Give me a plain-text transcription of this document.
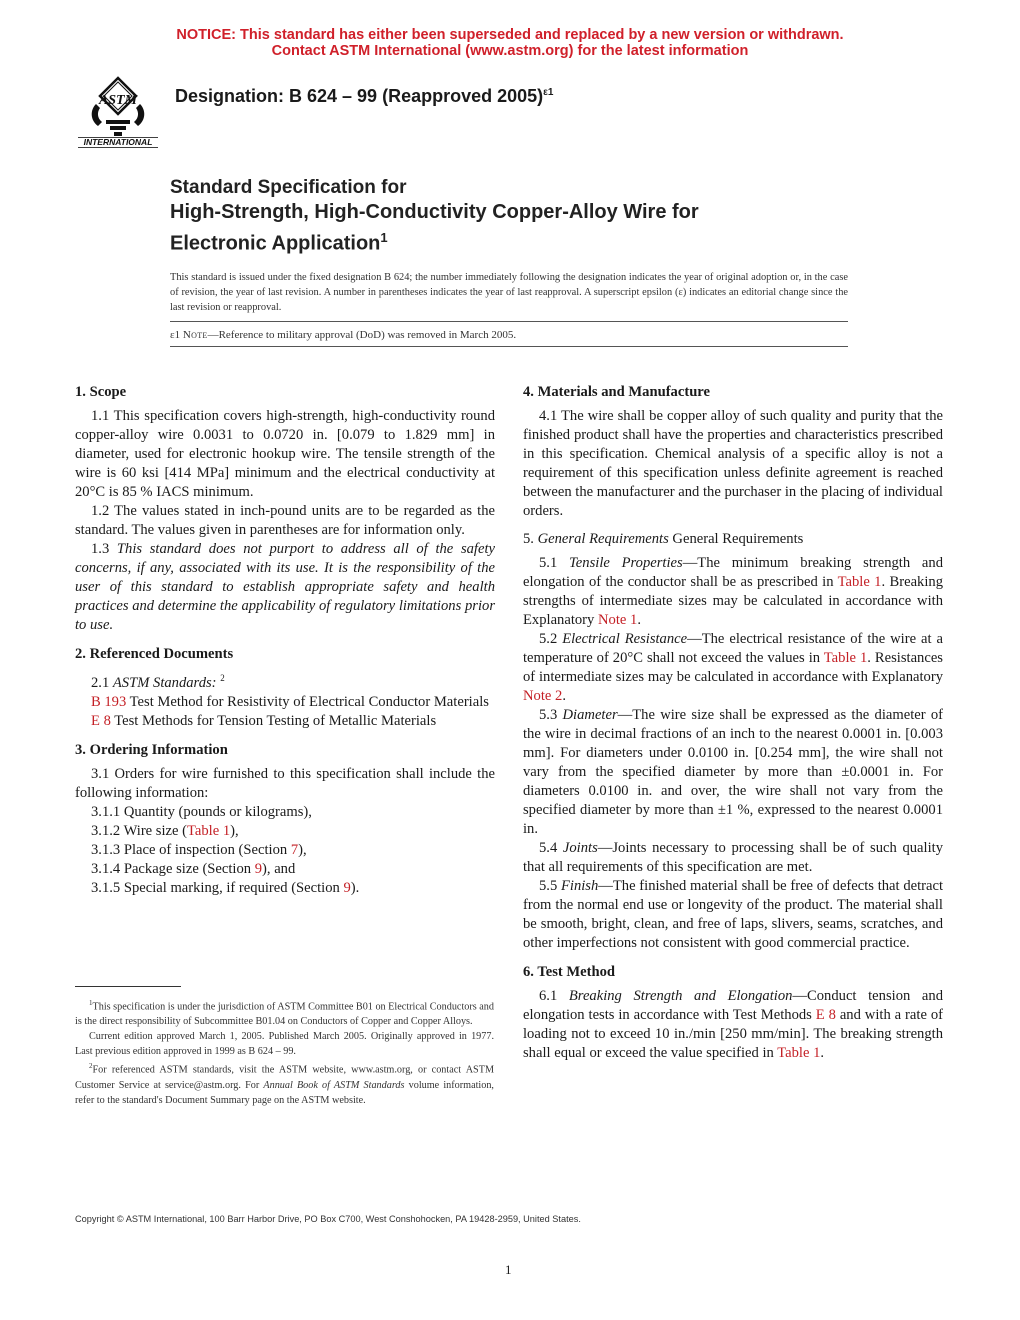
NOTICE: This standard has either been superseded and replaced by a new version or withdrawn.
Contact ASTM International (www.astm.org) for the latest information
ASTM
INTERNATIONAL
Designation: B 624 – 99 (Reapproved 2005)$^{\varepsilon 1}$
Standard Specification for
High-Strength, High-Conductivity Copper-Alloy Wire for
Electronic Application$^1$
This standard is issued under the fixed designation B 624; the number immediately following the designation indicates the year of original adoption or, in the case of revision, the year of last revision. A number in parentheses indicates the year of last reapproval. A superscript epsilon (ε) indicates an editorial change since the last revision or reapproval.
ε1 Note—Reference to military approval (DoD) was removed in March 2005.
1. Scope

1.1 This specification covers high-strength, high-conductivity round copper-alloy wire 0.0031 to 0.0720 in. [0.079 to 1.829 mm] in diameter, used for electronic hookup wire. The tensile strength of the wire is 60 ksi [414 MPa] minimum and the electrical conductivity at 20°C is 85 % IACS minimum.

1.2 The values stated in inch-pound units are to be regarded as the standard. The values given in parentheses are for information only.

1.3 This standard does not purport to address all of the safety concerns, if any, associated with its use. It is the responsibility of the user of this standard to establish appropriate safety and health practices and determine the applicability of regulatory limitations prior to use.

2. Referenced Documents

2.1 ASTM Standards: $^2$

B 193 Test Method for Resistivity of Electrical Conductor Materials

E 8 Test Methods for Tension Testing of Metallic Materials

3. Ordering Information

3.1 Orders for wire furnished to this specification shall include the following information:

3.1.1 Quantity (pounds or kilograms),

3.1.2 Wire size (Table 1),

3.1.3 Place of inspection (Section 7),

3.1.4 Package size (Section 9), and

3.1.5 Special marking, if required (Section 9).

$^1$This specification is under the jurisdiction of ASTM Committee B01 on Electrical Conductors and is the direct responsibility of Subcommittee B01.04 on Conductors of Copper and Copper Alloys.

Current edition approved March 1, 2005. Published March 2005. Originally approved in 1977. Last previous edition approved in 1999 as B 624 – 99.

$^2$For referenced ASTM standards, visit the ASTM website, www.astm.org, or contact ASTM Customer Service at service@astm.org. For Annual Book of ASTM Standards volume information, refer to the standard's Document Summary page on the ASTM website.

4. Materials and Manufacture

4.1 The wire shall be copper alloy of such quality and purity that the finished product shall have the properties and characteristics prescribed in this specification. Chemical analysis of a specific alloy is not a requirement of this specification unless definite agreement is reached between the manufacturer and the purchaser in the placing of individual orders.

5. General Requirements General Requirements

5.1 Tensile Properties—The minimum breaking strength and elongation of the conductor shall be as prescribed in Table 1. Breaking strengths of intermediate sizes may be calculated in accordance with Explanatory Note 1.

5.2 Electrical Resistance—The electrical resistance of the wire at a temperature of 20°C shall not exceed the values in Table 1. Resistances of intermediate sizes may be calculated in accordance with Explanatory Note 2.

5.3 Diameter—The wire size shall be expressed as the diameter of the wire in decimal fractions of an inch to the nearest 0.0001 in. [0.003 mm]. For diameters under 0.0100 in. [0.254 mm], the wire shall not vary from the specified diameter by more than ±0.0001 in. For diameters 0.0100 in. and over, the wire shall not vary from the specified diameter by more than ±1 %, expressed to the nearest 0.0001 in.

5.4 Joints—Joints necessary to processing shall be of such quality that all requirements of this specification are met.

5.5 Finish—The finished material shall be free of defects that detract from the normal end use or longevity of the product. The material shall be smooth, bright, clean, and free of laps, slivers, seams, scratches, and other imperfections not consistent with good commercial practice.

6. Test Method

6.1 Breaking Strength and Elongation—Conduct tension and elongation tests in accordance with Test Methods E 8 and with a rate of loading not to exceed 10 in./min [250 mm/min]. The breaking strength shall equal or exceed the value specified in Table 1.

Copyright © ASTM International, 100 Barr Harbor Drive, PO Box C700, West Conshohocken, PA 19428-2959, United States.
1
